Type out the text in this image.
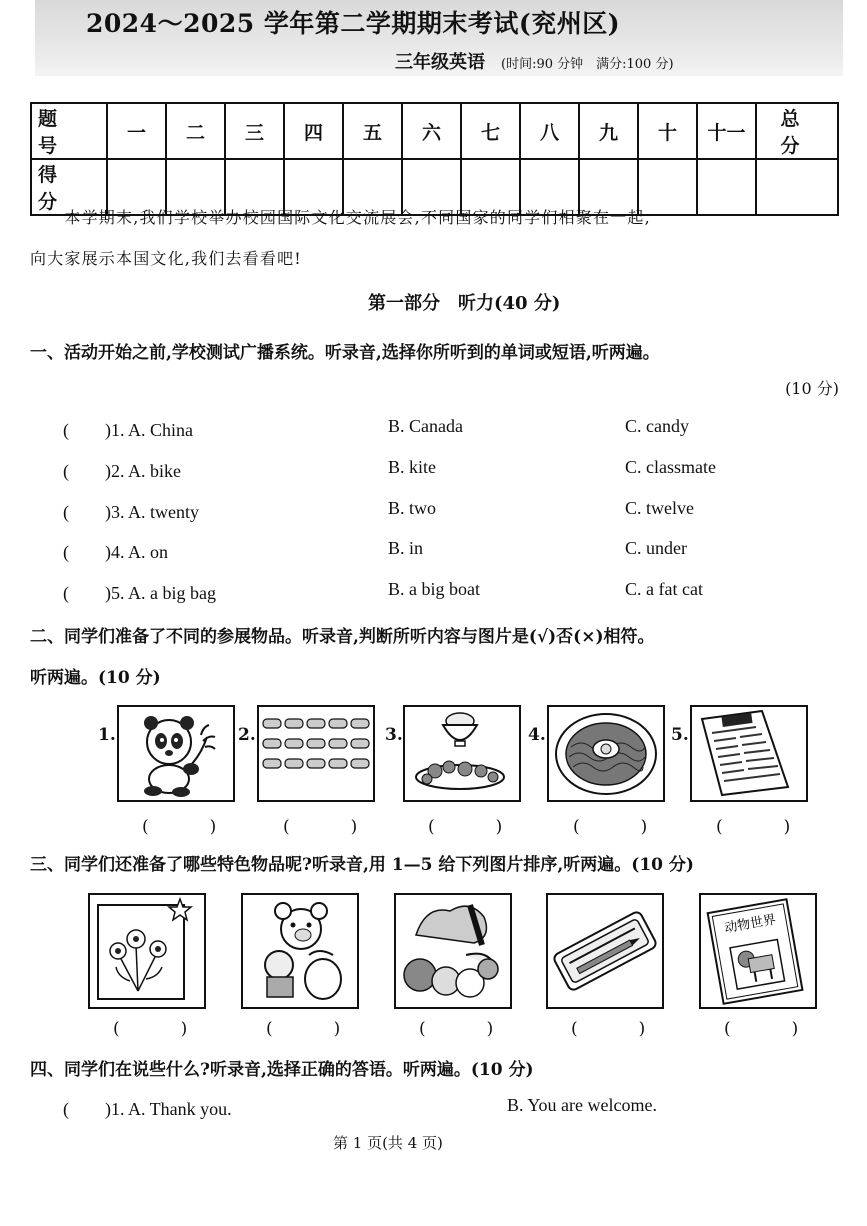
2024～2025 学年第二学期期末考试(兖州区)
三年级英语 (时间:90 分钟　满分:100 分)
题 号	一	二	三	四	五	六	七	八	九	十	十一	总 分
得 分												
　　本学期末,我们学校举办校园国际文化交流展会,不同国家的同学们相聚在一起,
向大家展示本国文化,我们去看看吧!
第一部分　听力(40 分)
一、活动开始之前,学校测试广播系统。听录音,选择你所听到的单词或短语,听两遍。
(10 分)
(　　)1. A. China	B. Canada	C. candy
(　　)2. A. bike	B. kite	C. classmate
(　　)3. A. twenty	B. two	C. twelve
(　　)4. A. on	B. in	C. under
(　　)5. A. a big bag	B. a big boat	C. a fat cat
二、同学们准备了不同的参展物品。听录音,判断所听内容与图片是(√)否(×)相符。
听两遍。(10 分)
1.	2.	3.	4.	5.
(　)	(　)	(　)	(　)	(　)
三、同学们还准备了哪些特色物品呢?听录音,用 1—5 给下列图片排序,听两遍。(10 分)
动物世界
(　)	(　)	(　)	(　)	(　)
四、同学们在说些什么?听录音,选择正确的答语。听两遍。(10 分)
(　　)1. A. Thank you.	B. You are welcome.
第 1 页(共 4 页)
